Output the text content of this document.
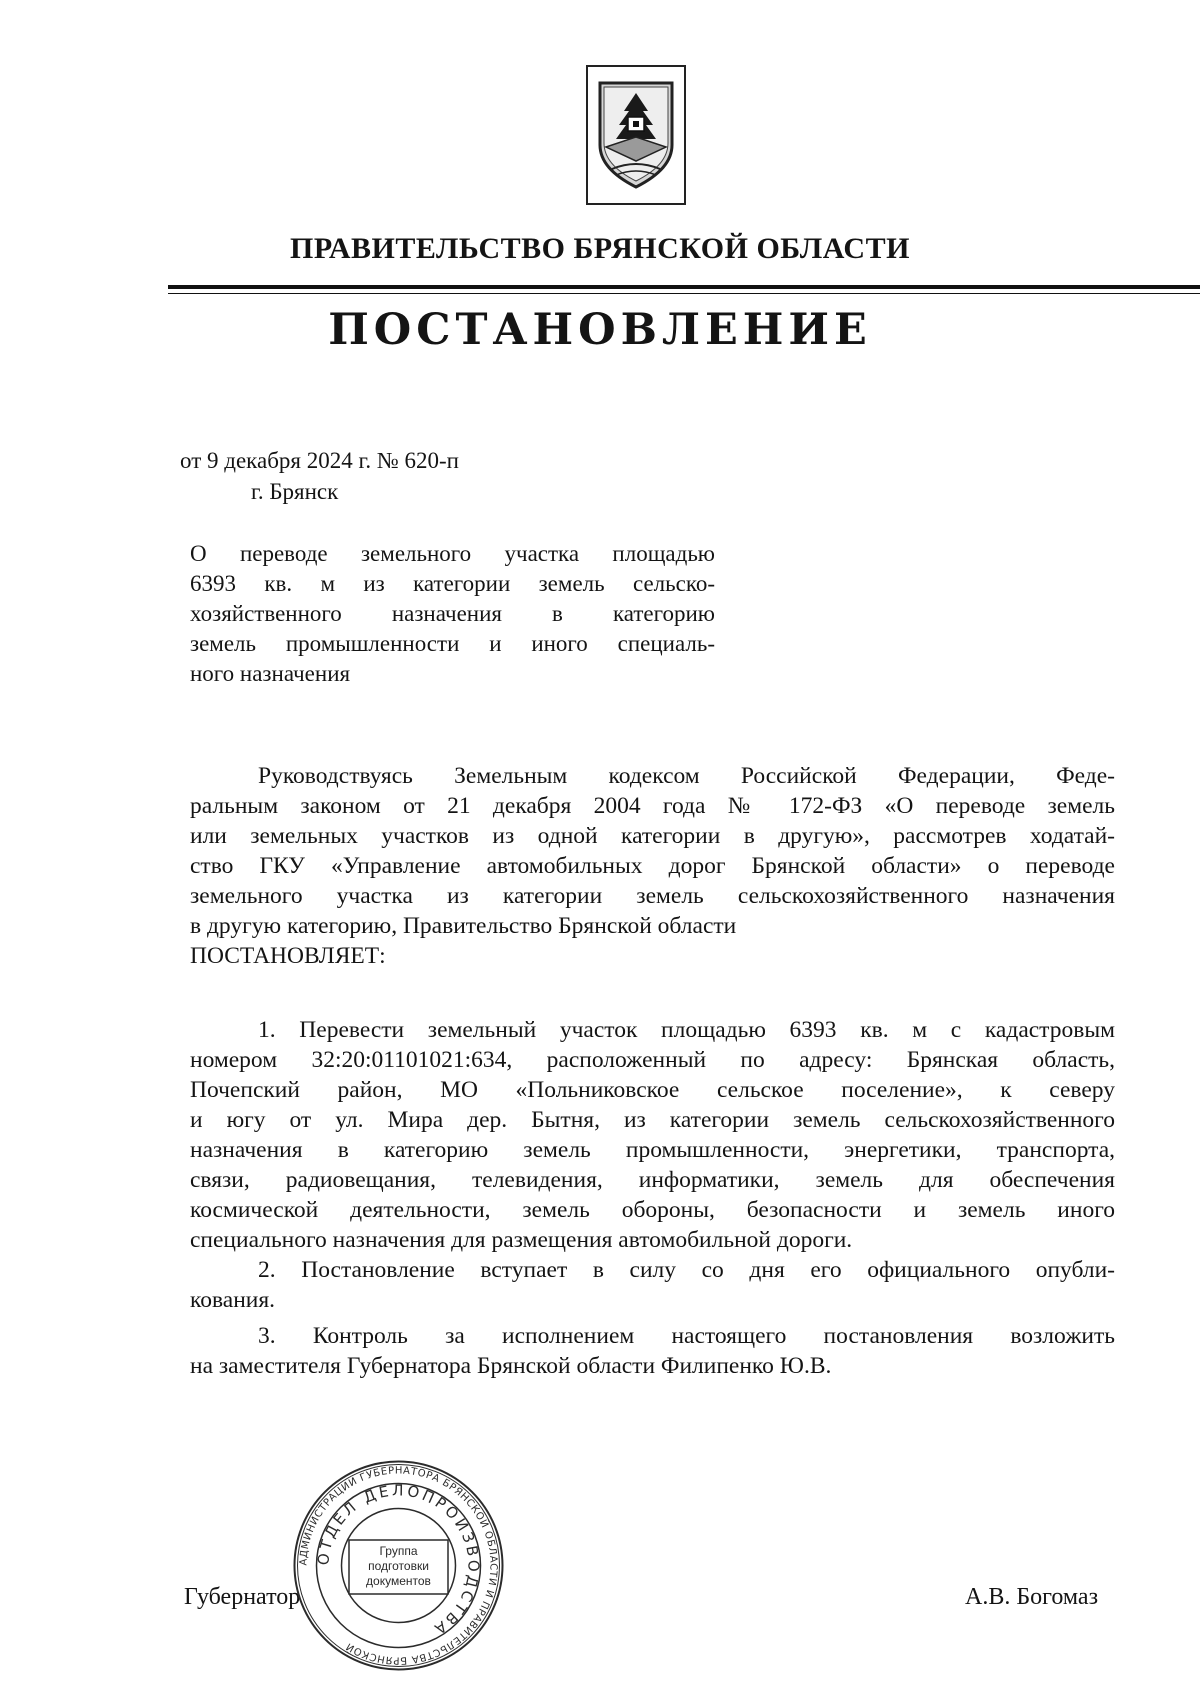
ПРАВИТЕЛЬСТВО БРЯНСКОЙ ОБЛАСТИ
ПОСТАНОВЛЕНИЕ
от 9 декабря 2024 г. № 620-п
г. Брянск
О переводе земельного участка площадью
6393 кв. м из категории земель сельско-
хозяйственного назначения в категорию
земель промышленности и иного специаль-
ного назначения
Руководствуясь Земельным кодексом Российской Федерации, Феде-
ральным законом от 21 декабря 2004 года № 172-ФЗ «О переводе земель
или земельных участков из одной категории в другую», рассмотрев ходатай-
ство ГКУ «Управление автомобильных дорог Брянской области» о переводе
земельного участка из категории земель сельскохозяйственного назначения
в другую категорию, Правительство Брянской области
ПОСТАНОВЛЯЕТ:
1. Перевести земельный участок площадью 6393 кв. м с кадастровым
номером 32:20:01101021:634, расположенный по адресу: Брянская область,
Почепский район, МО «Польниковское сельское поселение», к северу
и югу от ул. Мира дер. Бытня, из категории земель сельскохозяйственного
назначения в категорию земель промышленности, энергетики, транспорта,
связи, радиовещания, телевидения, информатики, земель для обеспечения
космической деятельности, земель обороны, безопасности и земель иного
специального назначения для размещения автомобильной дороги.
2. Постановление вступает в силу со дня его официального опубли-
кования.
3. Контроль за исполнением настоящего постановления возложить
на заместителя Губернатора Брянской области Филипенко Ю.В.
Губернатор	А.В. Богомаз
АДМИНИСТРАЦИИ ГУБЕРНАТОРА БРЯНСКОЙ ОБЛАСТИ И ПРАВИТЕЛЬСТВА БРЯНСКОЙ
ОТДЕЛ ДЕЛОПРОИЗВОДСТВА
Группа
подготовки
документов
